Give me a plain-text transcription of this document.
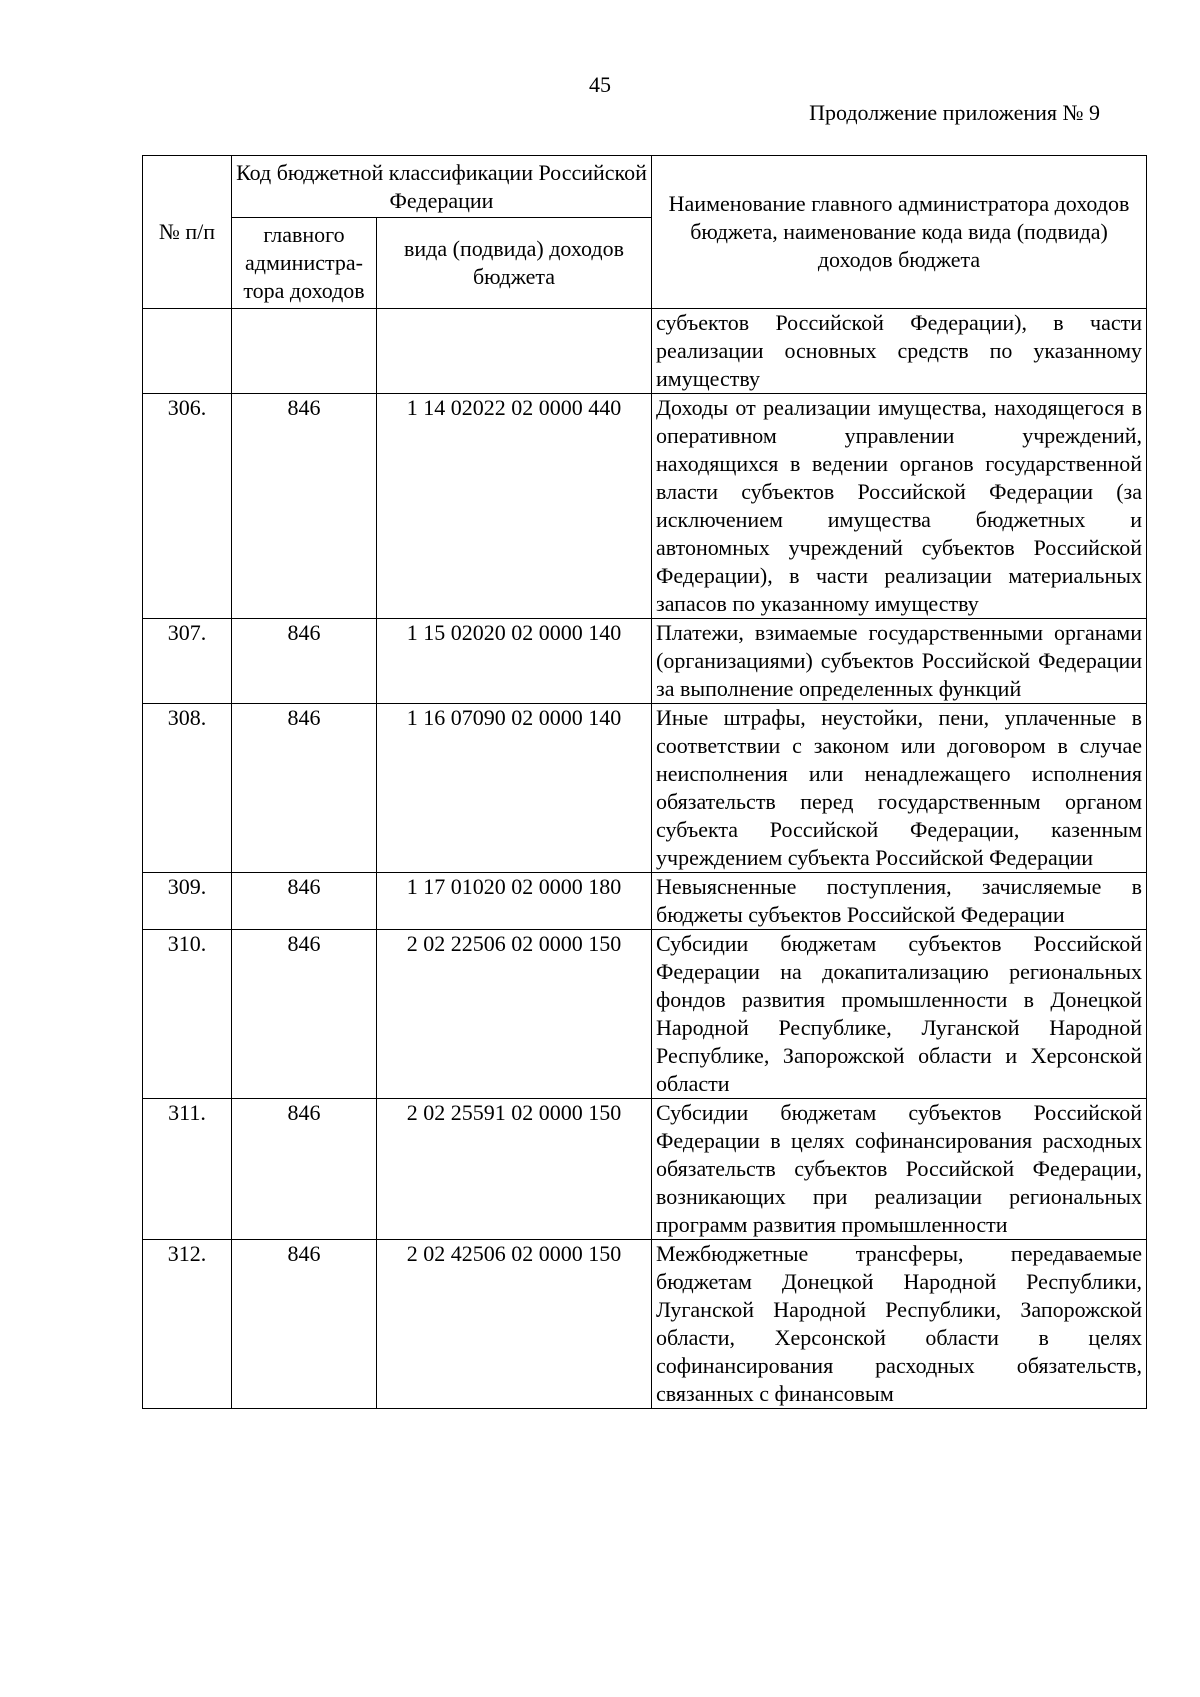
45
Продолжение приложения № 9
№ п/п	Код бюджетной классификации Российской Федерации		Наименование главного администратора доходов бюджета, наименование кода вида (подвида) доходов бюджета
	главного администра-тора доходов	вида (подвида) доходов бюджета	
			субъектов Российской Федерации), в части реализации основных средств по указанному имуществу
306.	846	1 14 02022 02 0000 440	Доходы от реализации имущества, находящегося в оперативном управлении учреждений, находящихся в ведении органов государственной власти субъектов Российской Федерации (за исключением имущества бюджетных и автономных учреждений субъектов Российской Федерации), в части реализации материальных запасов по указанному имуществу
307.	846	1 15 02020 02 0000 140	Платежи, взимаемые государственными органами (организациями) субъектов Российской Федерации за выполнение определенных функций
308.	846	1 16 07090 02 0000 140	Иные штрафы, неустойки, пени, уплаченные в соответствии с законом или договором в случае неисполнения или ненадлежащего исполнения обязательств перед государственным органом субъекта Российской Федерации, казенным учреждением субъекта Российской Федерации
309.	846	1 17 01020 02 0000 180	Невыясненные поступления, зачисляемые в бюджеты субъектов Российской Федерации
310.	846	2 02 22506 02 0000 150	Субсидии бюджетам субъектов Российской Федерации на докапитализацию региональных фондов развития промышленности в Донецкой Народной Республике, Луганской Народной Республике, Запорожской области и Херсонской области
311.	846	2 02 25591 02 0000 150	Субсидии бюджетам субъектов Российской Федерации в целях софинансирования расходных обязательств субъектов Российской Федерации, возникающих при реализации региональных программ развития промышленности
312.	846	2 02 42506 02 0000 150	Межбюджетные трансферы, передаваемые бюджетам Донецкой Народной Республики, Луганской Народной Республики, Запорожской области, Херсонской области в целях софинансирования расходных обязательств, связанных с финансовым
